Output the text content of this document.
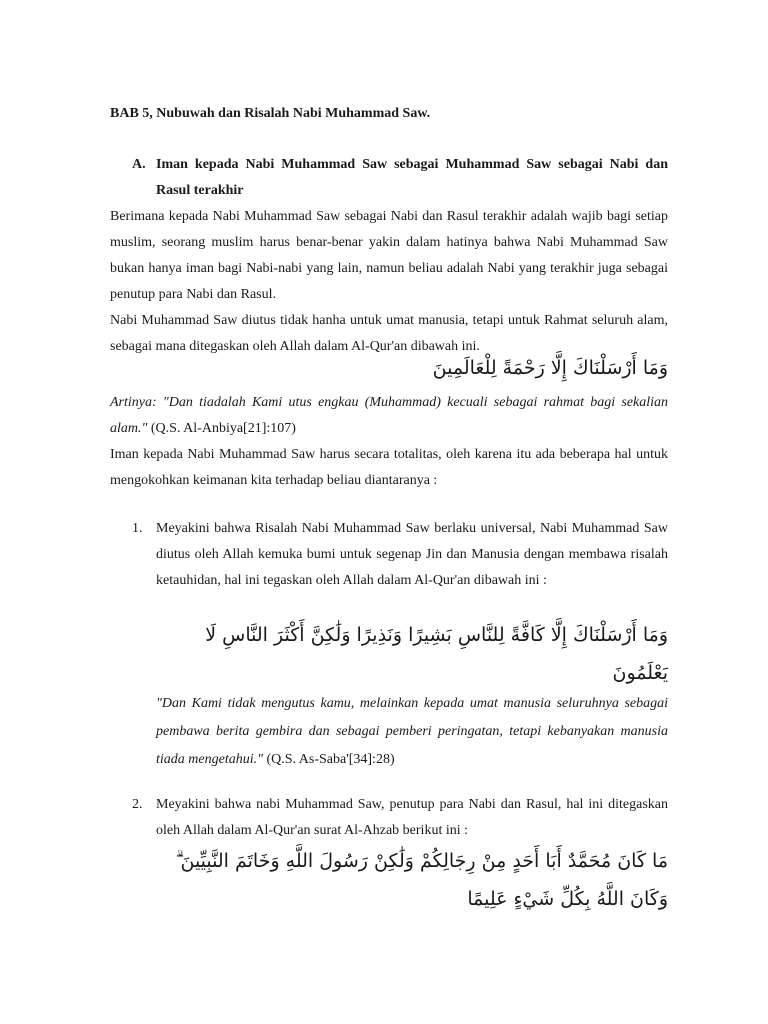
BAB 5, Nubuwah dan Risalah Nabi Muhammad Saw.
A. Iman kepada Nabi Muhammad Saw sebagai Muhammad Saw sebagai Nabi dan Rasul terakhir

Berimana kepada Nabi Muhammad Saw sebagai Nabi dan Rasul terakhir adalah wajib bagi setiap muslim, seorang muslim harus benar-benar yakin dalam hatinya bahwa Nabi Muhammad Saw bukan hanya iman bagi Nabi-nabi yang lain, namun beliau adalah Nabi yang terakhir juga sebagai penutup para Nabi dan Rasul.

Nabi Muhammad Saw diutus tidak hanha untuk umat manusia, tetapi untuk Rahmat seluruh alam, sebagai mana ditegaskan oleh Allah dalam Al-Qur'an dibawah ini.

وَمَا أَرْسَلْنَاكَ إِلَّا رَحْمَةً لِلْعَالَمِينَ

Artinya: "Dan tiadalah Kami utus engkau (Muhammad) kecuali sebagai rahmat bagi sekalian alam." (Q.S. Al-Anbiya[21]:107)

Iman kepada Nabi Muhammad Saw harus secara totalitas, oleh karena itu ada beberapa hal untuk mengokohkan keimanan kita terhadap beliau diantaranya :

1. Meyakini bahwa Risalah Nabi Muhammad Saw berlaku universal, Nabi Muhammad Saw diutus oleh Allah kemuka bumi untuk segenap Jin dan Manusia dengan membawa risalah ketauhidan, hal ini tegaskan oleh Allah dalam Al-Qur'an dibawah ini :
وَمَا أَرْسَلْنَاكَ إِلَّا كَافَّةً لِلنَّاسِ بَشِيرًا وَنَذِيرًا وَلَٰكِنَّ أَكْثَرَ النَّاسِ لَا يَعْلَمُونَ
"Dan Kami tidak mengutus kamu, melainkan kepada umat manusia seluruhnya sebagai pembawa berita gembira dan sebagai pemberi peringatan, tetapi kebanyakan manusia tiada mengetahui." (Q.S. As-Saba'[34]:28)
2. Meyakini bahwa nabi Muhammad Saw, penutup para Nabi dan Rasul, hal ini ditegaskan oleh Allah dalam Al-Qur'an surat Al-Ahzab berikut ini :
مَا كَانَ مُحَمَّدٌ أَبَا أَحَدٍ مِنْ رِجَالِكُمْ وَلَٰكِنْ رَسُولَ اللَّهِ وَخَاتَمَ النَّبِيِّينَ ۗ وَكَانَ اللَّهُ بِكُلِّ شَيْءٍ عَلِيمًا
